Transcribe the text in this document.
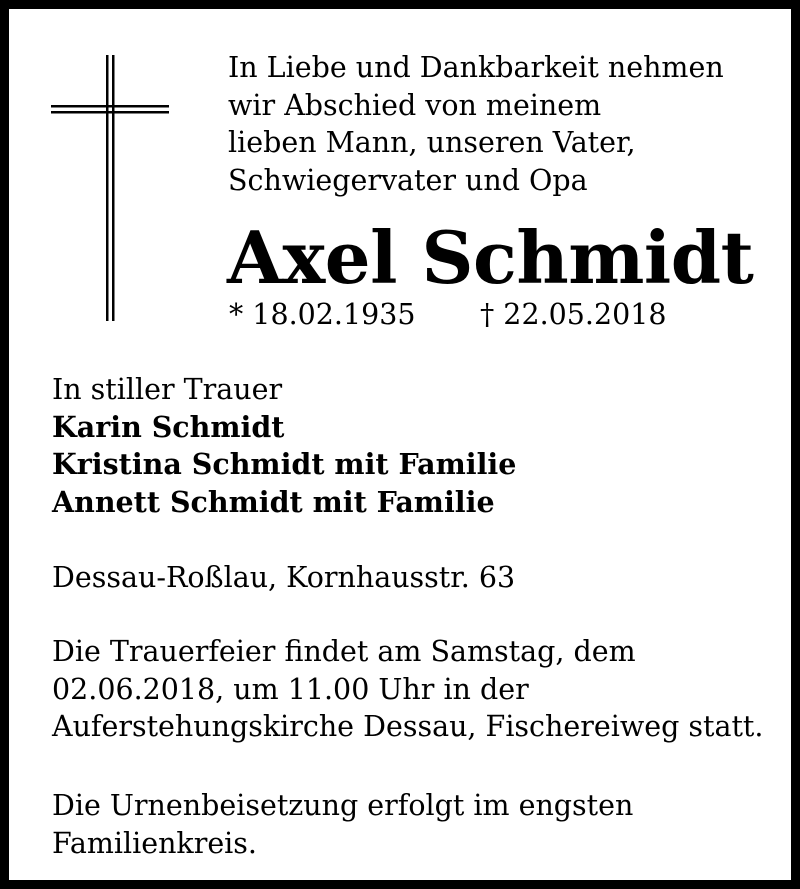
In Liebe und Dankbarkeit nehmen
wir Abschied von meinem
lieben Mann, unseren Vater,
Schwiegervater und Opa
Axel Schmidt
* 18.02.1935 † 22.05.2018
In stiller Trauer
Karin Schmidt
Kristina Schmidt mit Familie
Annett Schmidt mit Familie
Dessau-Roßlau, Kornhausstr. 63
Die Trauerfeier findet am Samstag, dem
02.06.2018, um 11.00 Uhr in der
Auferstehungskirche Dessau, Fischereiweg statt.
Die Urnenbeisetzung erfolgt im engsten
Familienkreis.
